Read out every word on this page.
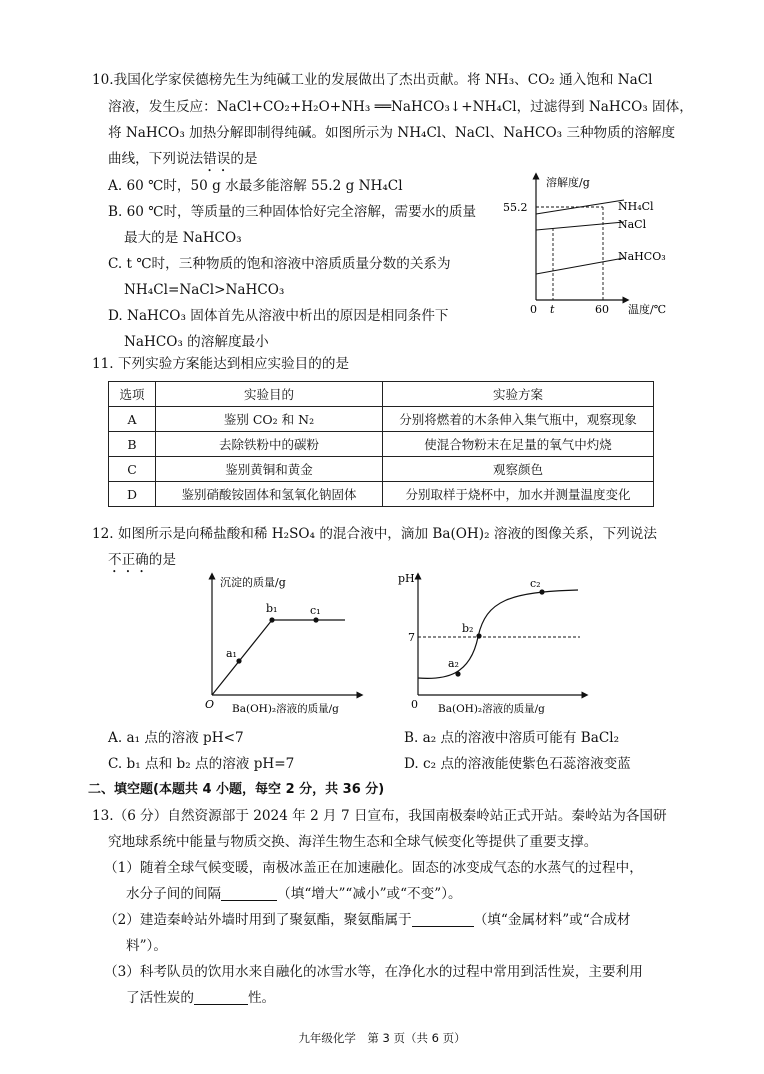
10.我国化学家侯德榜先生为纯碱工业的发展做出了杰出贡献。将 NH₃、CO₂ 通入饱和 NaCl
溶液，发生反应：NaCl+CO₂+H₂O+NH₃ ══NaHCO₃↓+NH₄Cl，过滤得到 NaHCO₃ 固体，
将 NaHCO₃ 加热分解即制得纯碱。如图所示为 NH₄Cl、NaCl、NaHCO₃ 三种物质的溶解度
曲线，下列说法错误的是
A. 60 ℃时，50 g 水最多能溶解 55.2 g NH₄Cl
B. 60 ℃时，等质量的三种固体恰好完全溶解，需要水的质量
最大的是 NaHCO₃
C. t ℃时，三种物质的饱和溶液中溶质质量分数的关系为
NH₄Cl=NaCl>NaHCO₃
D. NaHCO₃ 固体首先从溶液中析出的原因是相同条件下
NaHCO₃ 的溶解度最小
溶解度/g
55.2	NH₄Cl
NaCl
NaHCO₃
0 t	60 温度/℃
11. 下列实验方案能达到相应实验目的的是
选项	实验目的	实验方案
A	鉴别 CO₂ 和 N₂	分别将燃着的木条伸入集气瓶中，观察现象
B	去除铁粉中的碳粉	使混合物粉末在足量的氧气中灼烧
C	鉴别黄铜和黄金	观察颜色
D	鉴别硝酸铵固体和氢氧化钠固体	分别取样于烧杯中，加水并测量温度变化
12. 如图所示是向稀盐酸和稀 H₂SO₄ 的混合液中，滴加 Ba(OH)₂ 溶液的图像关系，下列说法
不正确的是
沉淀的质量/g
a₁
b₁	c₁
O Ba(OH)₂溶液的质量/g
pH
7
a₂
b₂
c₂
0 Ba(OH)₂溶液的质量/g
A. a₁ 点的溶液 pH<7	B. a₂ 点的溶液中溶质可能有 BaCl₂
C. b₁ 点和 b₂ 点的溶液 pH=7	D. c₂ 点的溶液能使紫色石蕊溶液变蓝
二、填空题(本题共 4 小题，每空 2 分，共 36 分)
13.（6 分）自然资源部于 2024 年 2 月 7 日宣布，我国南极秦岭站正式开站。秦岭站为各国研
究地球系统中能量与物质交换、海洋生物生态和全球气候变化等提供了重要支撑。
（1）随着全球气候变暖，南极冰盖正在加速融化。固态的冰变成气态的水蒸气的过程中，
水分子间的间隔	（填“增大”“减小”或“不变”）。
（2）建造秦岭站外墙时用到了聚氨酯，聚氨酯属于	（填“金属材料”或“合成材
料”）。
（3）科考队员的饮用水来自融化的冰雪水等，在净化水的过程中常用到活性炭，主要利用
了活性炭的	性。
九年级化学　第 3 页（共 6 页）
